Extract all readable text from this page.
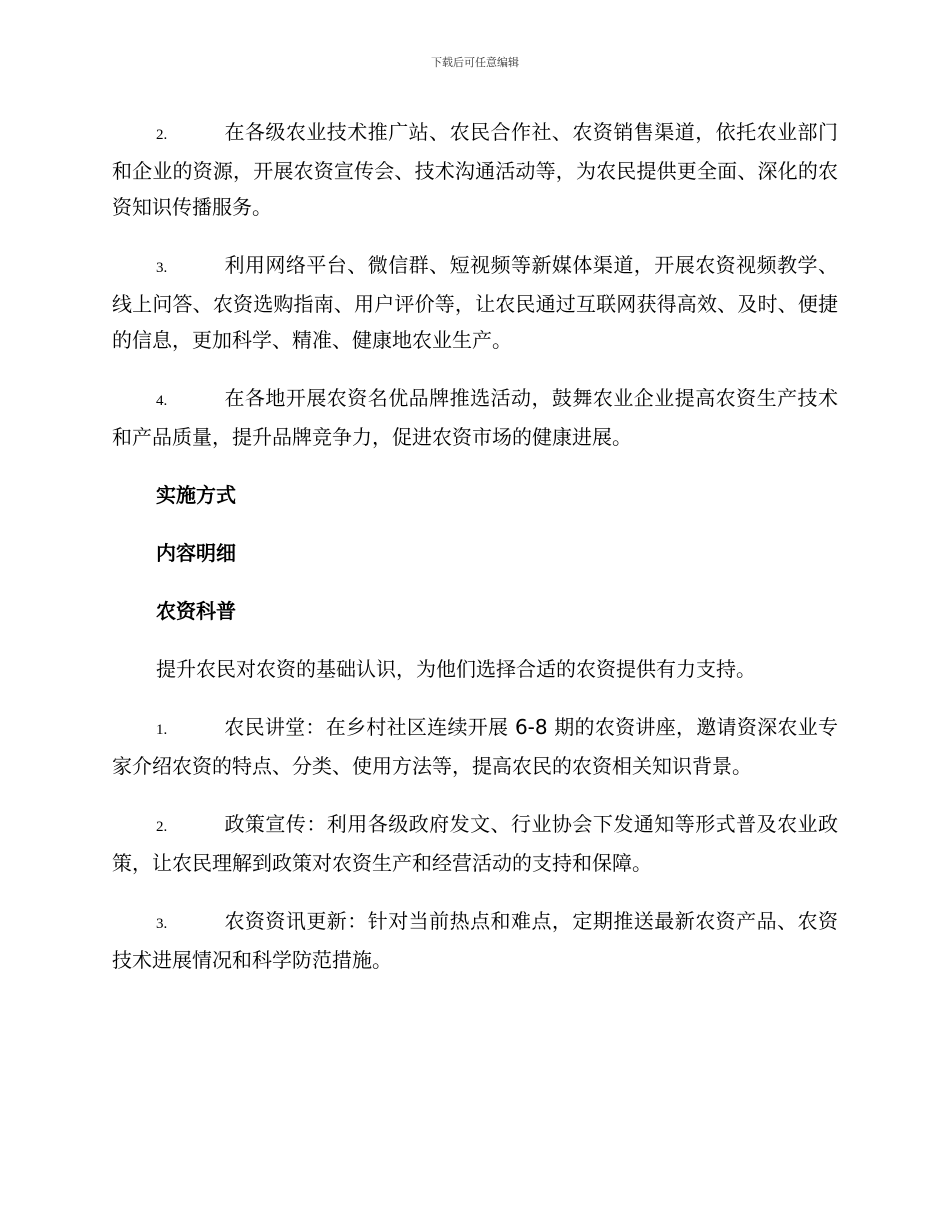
下载后可任意编辑

2.	在各级农业技术推广站、农民合作社、农资销售渠道，依托农业部门和企业的资源，开展农资宣传会、技术沟通活动等，为农民提供更全面、深化的农资知识传播服务。

3.	利用网络平台、微信群、短视频等新媒体渠道，开展农资视频教学、线上问答、农资选购指南、用户评价等，让农民通过互联网获得高效、及时、便捷的信息，更加科学、精准、健康地农业生产。

4.	在各地开展农资名优品牌推选活动，鼓舞农业企业提高农资生产技术和产品质量，提升品牌竞争力，促进农资市场的健康进展。

实施方式

内容明细

农资科普

提升农民对农资的基础认识，为他们选择合适的农资提供有力支持。

1.	农民讲堂：在乡村社区连续开展 6-8 期的农资讲座，邀请资深农业专家介绍农资的特点、分类、使用方法等，提高农民的农资相关知识背景。

2.	政策宣传：利用各级政府发文、行业协会下发通知等形式普及农业政策，让农民理解到政策对农资生产和经营活动的支持和保障。

3.	农资资讯更新：针对当前热点和难点，定期推送最新农资产品、农资技术进展情况和科学防范措施。
